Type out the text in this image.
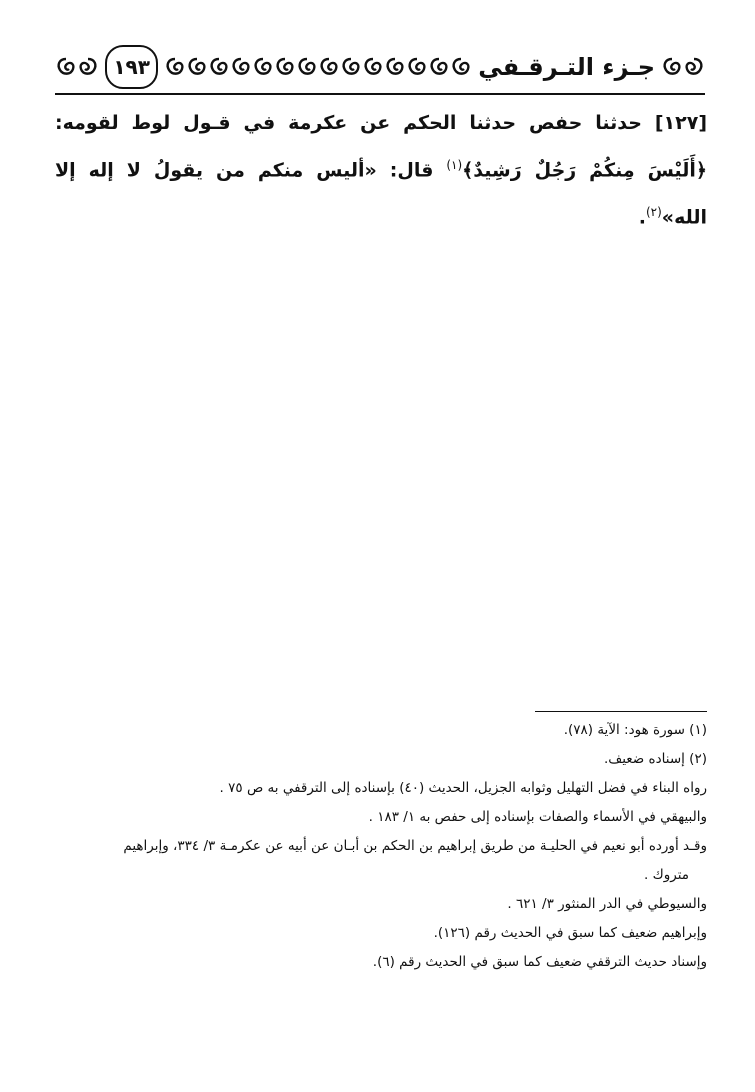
١٩٣	جـزء التـرقـفي
[١٢٧] حدثنا حفص حدثنا الحكم عن عكرمة في قـول لوط لقومه: ﴿أَلَيْسَ مِنكُمْ رَجُلٌ رَشِيدٌ﴾$^{(١)}$ قال: «أليس منكم من يقولُ لا إله إلا الله»$^{(٢)}$.

(١) سورة هود: الآية (٧٨).

(٢) إسناده ضعيف.

رواه البناء في فضل التهليل وثوابه الجزيل، الحديث (٤٠) بإسناده إلى الترقفي به ص ٧٥ .

والبيهقي في الأسماء والصفات بإسناده إلى حفص به ١/ ١٨٣ .

وقـد أورده أبو نعيم في الحليـة من طريق إبراهيم بن الحكم بن أبـان عن أبيه عن عكرمـة ٣/ ٣٣٤، وإبراهيم

متروك .

والسيوطي في الدر المنثور ٣/ ٦٢١ .

وإبراهيم ضعيف كما سبق في الحديث رقم (١٢٦).

وإسناد حديث الترقفي ضعيف كما سبق في الحديث رقم (٦).
